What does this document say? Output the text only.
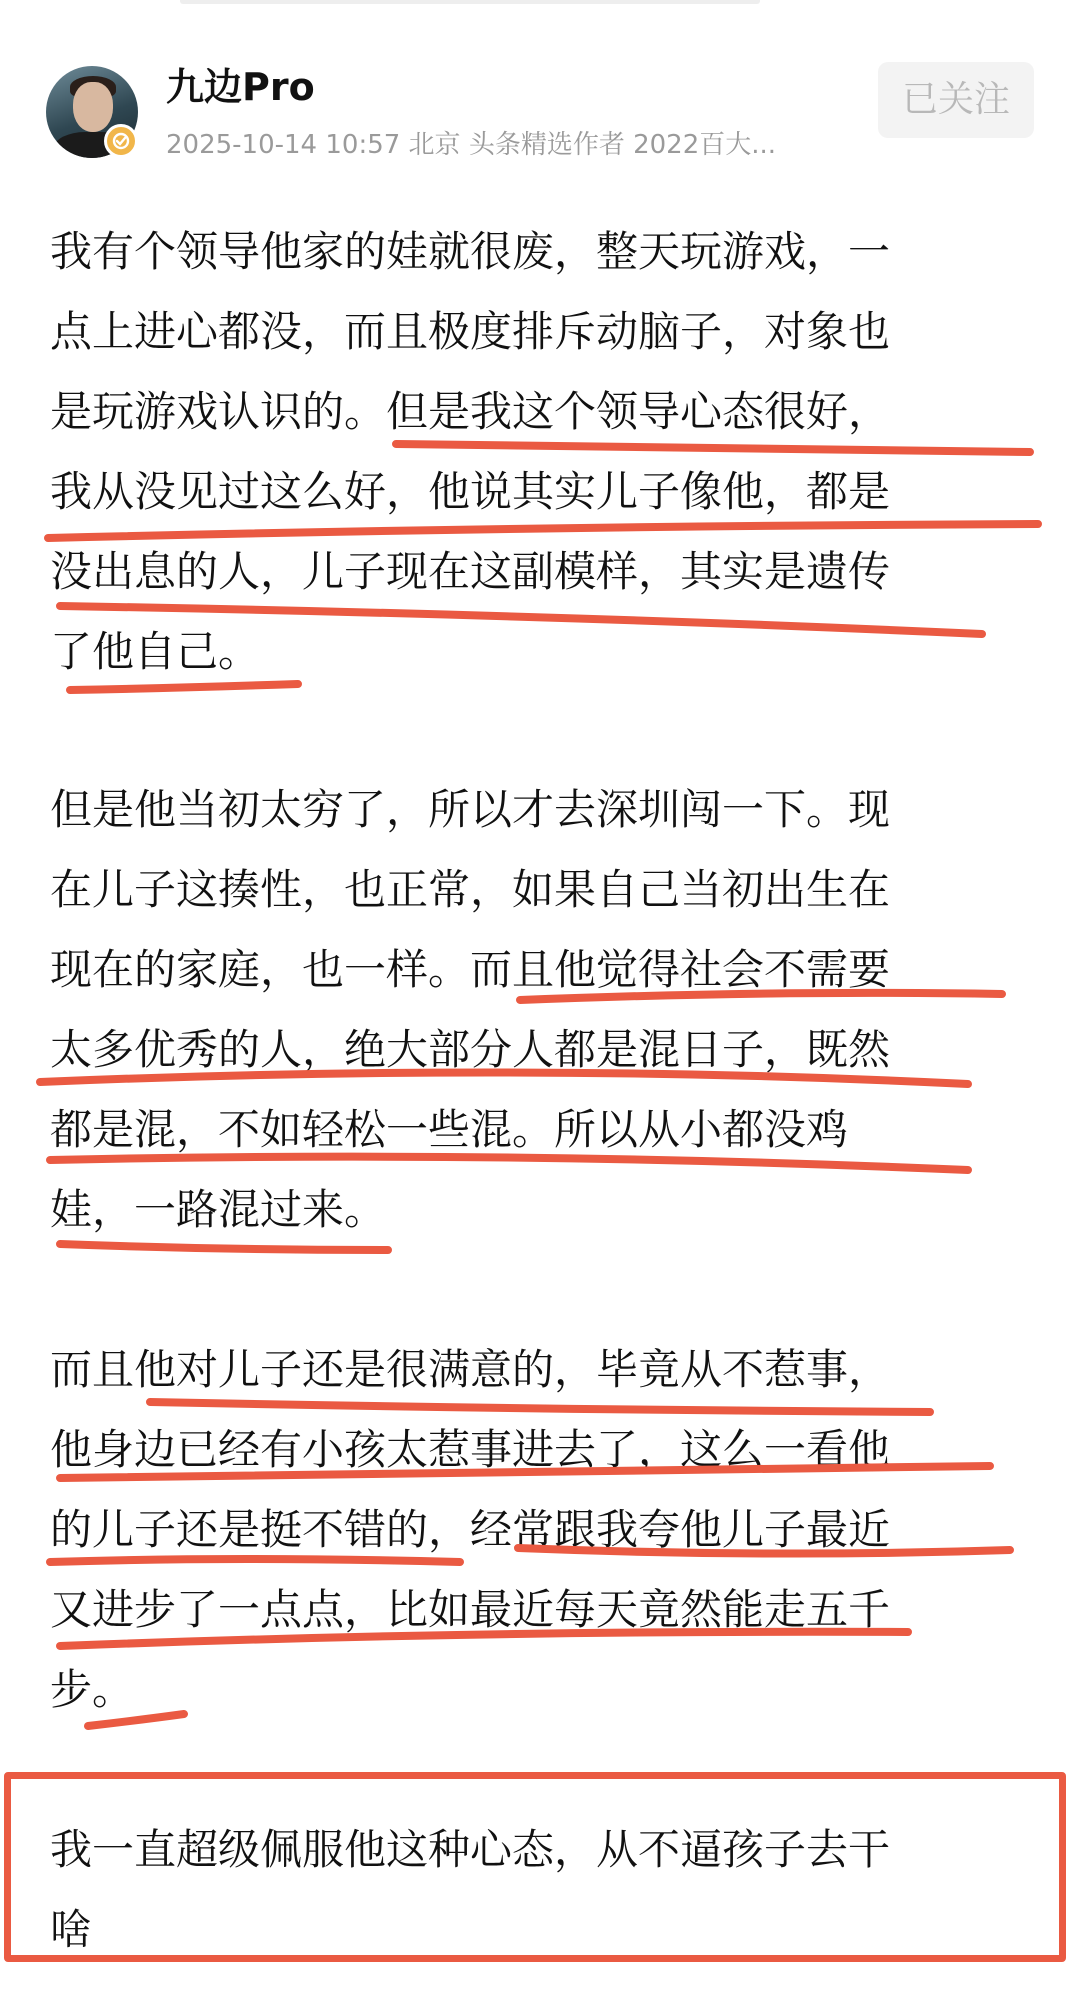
九边Pro
2025-10-14 10:57 北京 头条精选作者 2022百大...
已关注

我有个领导他家的娃就很废，整天玩游戏，一
点上进心都没，而且极度排斥动脑子，对象也
是玩游戏认识的。但是我这个领导心态很好，
我从没见过这么好，他说其实儿子像他，都是
没出息的人，儿子现在这副模样，其实是遗传
了他自己。

但是他当初太穷了，所以才去深圳闯一下。现
在儿子这揍性，也正常，如果自己当初出生在
现在的家庭，也一样。而且他觉得社会不需要
太多优秀的人，绝大部分人都是混日子，既然
都是混，不如轻松一些混。所以从小都没鸡
娃，一路混过来。

而且他对儿子还是很满意的，毕竟从不惹事，
他身边已经有小孩太惹事进去了，这么一看他
的儿子还是挺不错的，经常跟我夸他儿子最近
又进步了一点点，比如最近每天竟然能走五千
步。

我一直超级佩服他这种心态，从不逼孩子去干
啥
